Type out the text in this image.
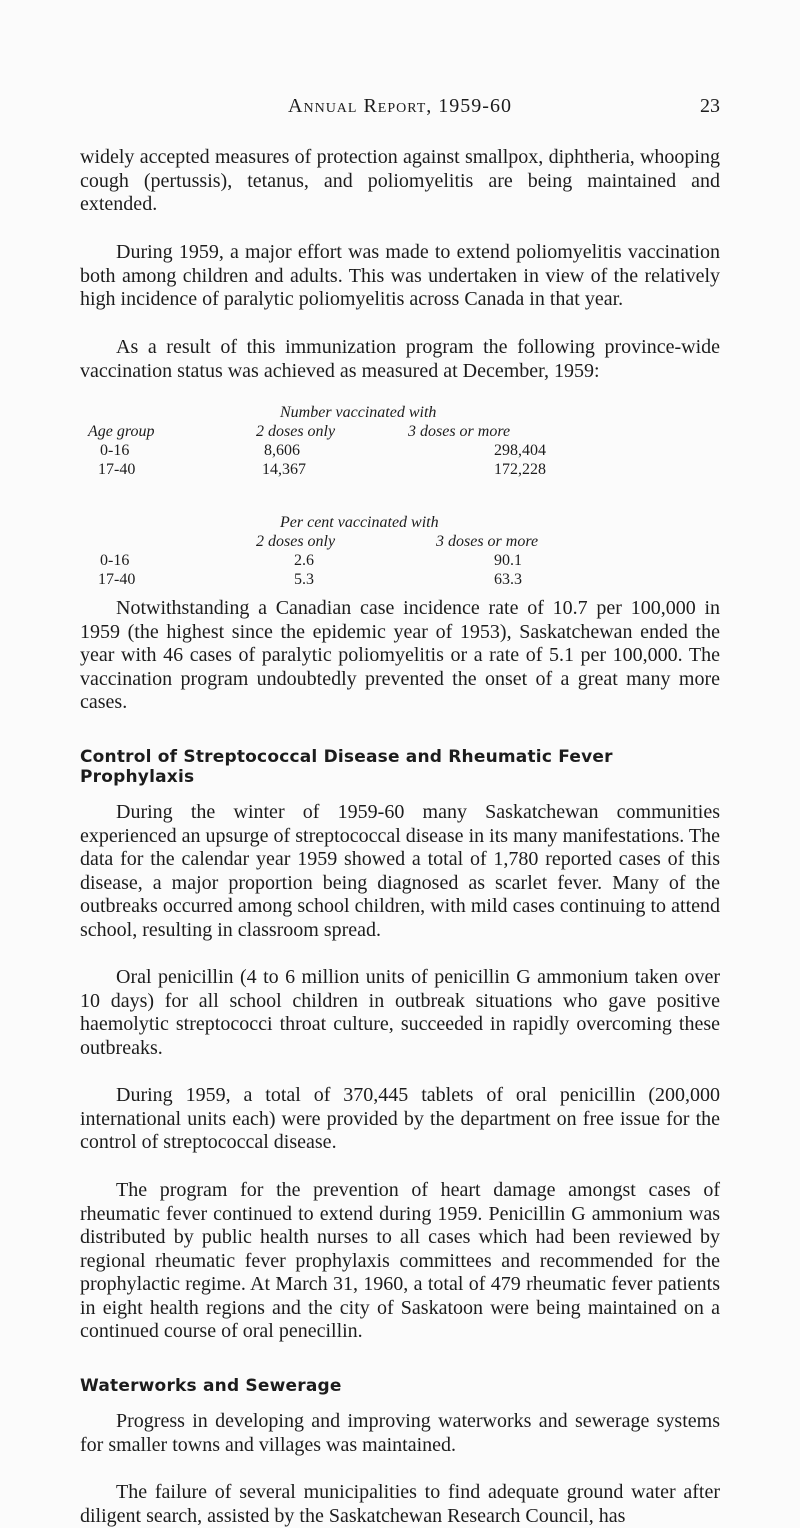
Annual Report, 1959-60	23

widely accepted measures of protection against smallpox, diphtheria, whooping cough (pertussis), tetanus, and poliomyelitis are being maintained and extended.

During 1959, a major effort was made to extend poliomyelitis vaccination both among children and adults. This was undertaken in view of the relatively high incidence of paralytic poliomyelitis across Canada in that year.

As a result of this immunization program the following province-wide vaccination status was achieved as measured at December, 1959:

Number vaccinated with
Age group	2 doses only	3 doses or more
0-16	8,606	298,404
17-40	14,367	172,228
Per cent vaccinated with
2 doses only	3 doses or more
0-16	2.6	90.1
17-40	5.3	63.3

Notwithstanding a Canadian case incidence rate of 10.7 per 100,000 in 1959 (the highest since the epidemic year of 1953), Saskatchewan ended the year with 46 cases of paralytic poliomyelitis or a rate of 5.1 per 100,000. The vaccination program undoubtedly prevented the onset of a great many more cases.

Control of Streptococcal Disease and Rheumatic Fever Prophylaxis

During the winter of 1959-60 many Saskatchewan communities experienced an upsurge of streptococcal disease in its many manifestations. The data for the calendar year 1959 showed a total of 1,780 reported cases of this disease, a major proportion being diagnosed as scarlet fever. Many of the outbreaks occurred among school children, with mild cases continuing to attend school, resulting in classroom spread.

Oral penicillin (4 to 6 million units of penicillin G ammonium taken over 10 days) for all school children in outbreak situations who gave positive haemolytic streptococci throat culture, succeeded in rapidly overcoming these outbreaks.

During 1959, a total of 370,445 tablets of oral penicillin (200,000 international units each) were provided by the department on free issue for the control of streptococcal disease.

The program for the prevention of heart damage amongst cases of rheumatic fever continued to extend during 1959. Penicillin G ammonium was distributed by public health nurses to all cases which had been reviewed by regional rheumatic fever prophylaxis committees and recommended for the prophylactic regime. At March 31, 1960, a total of 479 rheumatic fever patients in eight health regions and the city of Saskatoon were being maintained on a continued course of oral penecillin.

Waterworks and Sewerage

Progress in developing and improving waterworks and sewerage systems for smaller towns and villages was maintained.

The failure of several municipalities to find adequate ground water after diligent search, assisted by the Saskatchewan Research Council, has
